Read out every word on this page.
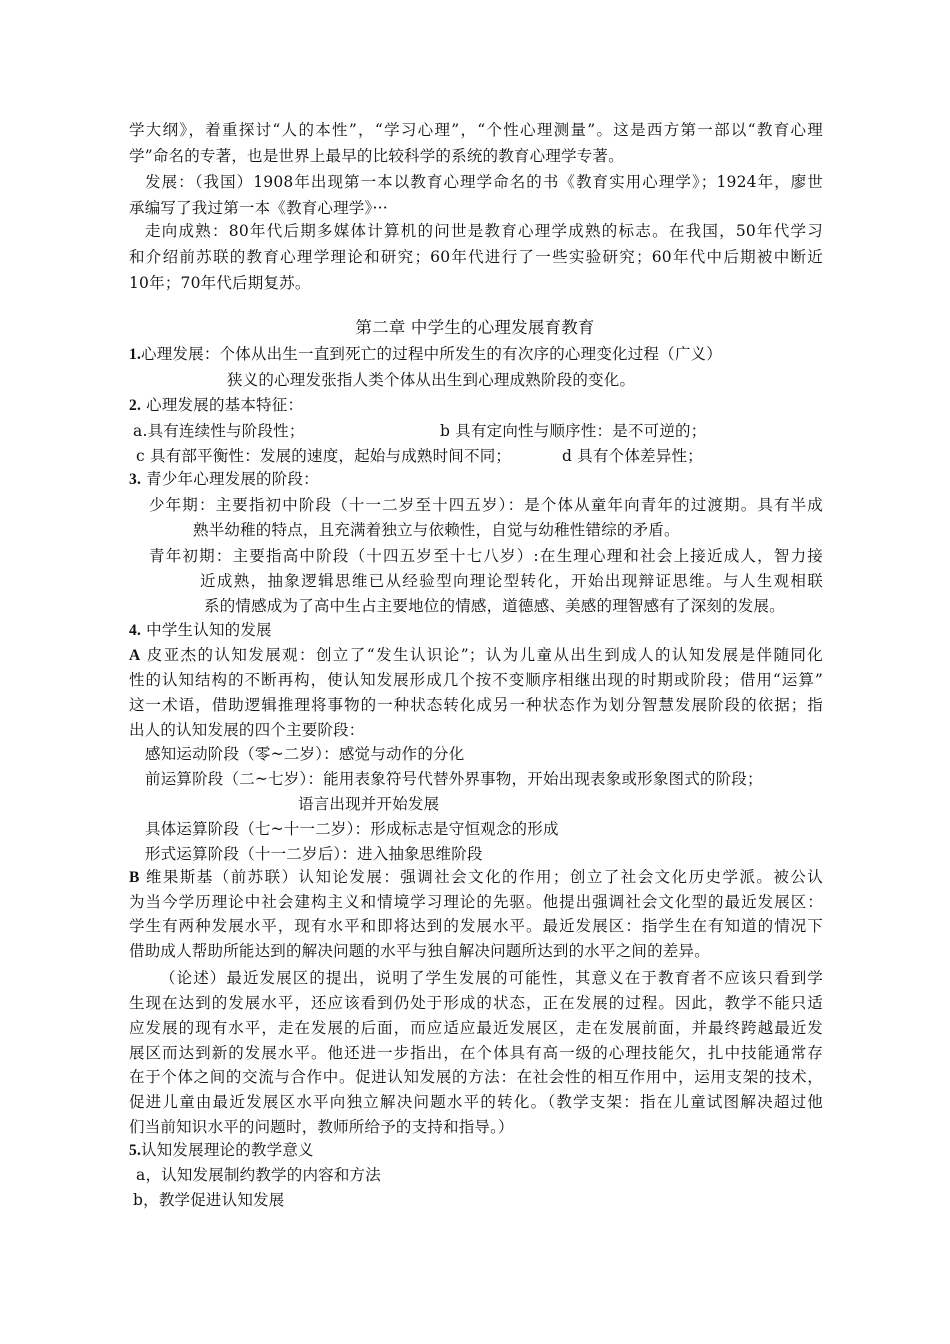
学大纲》，着重探讨“人的本性”，“学习心理”，“个性心理测量”。这是西方第一部以“教育心理
学”命名的专著，也是世界上最早的比较科学的系统的教育心理学专著。
发展：（我国）1908年出现第一本以教育心理学命名的书《教育实用心理学》；1924年，廖世
承编写了我过第一本《教育心理学》···
走向成熟：80年代后期多媒体计算机的问世是教育心理学成熟的标志。在我国，50年代学习
和介绍前苏联的教育心理学理论和研究；60年代进行了一些实验研究；60年代中后期被中断近
10年；70年代后期复苏。
第二章 中学生的心理发展育教育
1.心理发展：个体从出生一直到死亡的过程中所发生的有次序的心理变化过程（广义）
狭义的心理发张指人类个体从出生到心理成熟阶段的变化。
2. 心理发展的基本特征：
a.具有连续性与阶段性；	b 具有定向性与顺序性：是不可逆的；
c 具有部平衡性：发展的速度，起始与成熟时间不同；	d 具有个体差异性；
3. 青少年心理发展的阶段：
少年期：主要指初中阶段（十一二岁至十四五岁）：是个体从童年向青年的过渡期。具有半成
熟半幼稚的特点，且充满着独立与依赖性，自觉与幼稚性错综的矛盾。
青年初期：主要指高中阶段（十四五岁至十七八岁）:在生理心理和社会上接近成人，智力接
近成熟，抽象逻辑思维已从经验型向理论型转化，开始出现辩证思维。与人生观相联
系的情感成为了高中生占主要地位的情感，道德感、美感的理智感有了深刻的发展。
4. 中学生认知的发展
A 皮亚杰的认知发展观：创立了“发生认识论”；认为儿童从出生到成人的认知发展是伴随同化
性的认知结构的不断再构，使认知发展形成几个按不变顺序相继出现的时期或阶段；借用“运算”
这一术语，借助逻辑推理将事物的一种状态转化成另一种状态作为划分智慧发展阶段的依据；指
出人的认知发展的四个主要阶段：
感知运动阶段（零~二岁）：感觉与动作的分化
前运算阶段（二~七岁）：能用表象符号代替外界事物，开始出现表象或形象图式的阶段；
语言出现并开始发展
具体运算阶段（七~十一二岁）：形成标志是守恒观念的形成
形式运算阶段（十一二岁后）：进入抽象思维阶段
B 维果斯基（前苏联）认知论发展：强调社会文化的作用；创立了社会文化历史学派。被公认
为当今学历理论中社会建构主义和情境学习理论的先驱。他提出强调社会文化型的最近发展区：
学生有两种发展水平，现有水平和即将达到的发展水平。最近发展区：指学生在有知道的情况下
借助成人帮助所能达到的解决问题的水平与独自解决问题所达到的水平之间的差异。
（论述）最近发展区的提出，说明了学生发展的可能性，其意义在于教育者不应该只看到学
生现在达到的发展水平，还应该看到仍处于形成的状态，正在发展的过程。因此，教学不能只适
应发展的现有水平，走在发展的后面，而应适应最近发展区，走在发展前面，并最终跨越最近发
展区而达到新的发展水平。他还进一步指出，在个体具有高一级的心理技能欠，扎中技能通常存
在于个体之间的交流与合作中。促进认知发展的方法：在社会性的相互作用中，运用支架的技术，
促进儿童由最近发展区水平向独立解决问题水平的转化。（教学支架：指在儿童试图解决超过他
们当前知识水平的问题时，教师所给予的支持和指导。）
5.认知发展理论的教学意义
a，认知发展制约教学的内容和方法
b，教学促进认知发展
